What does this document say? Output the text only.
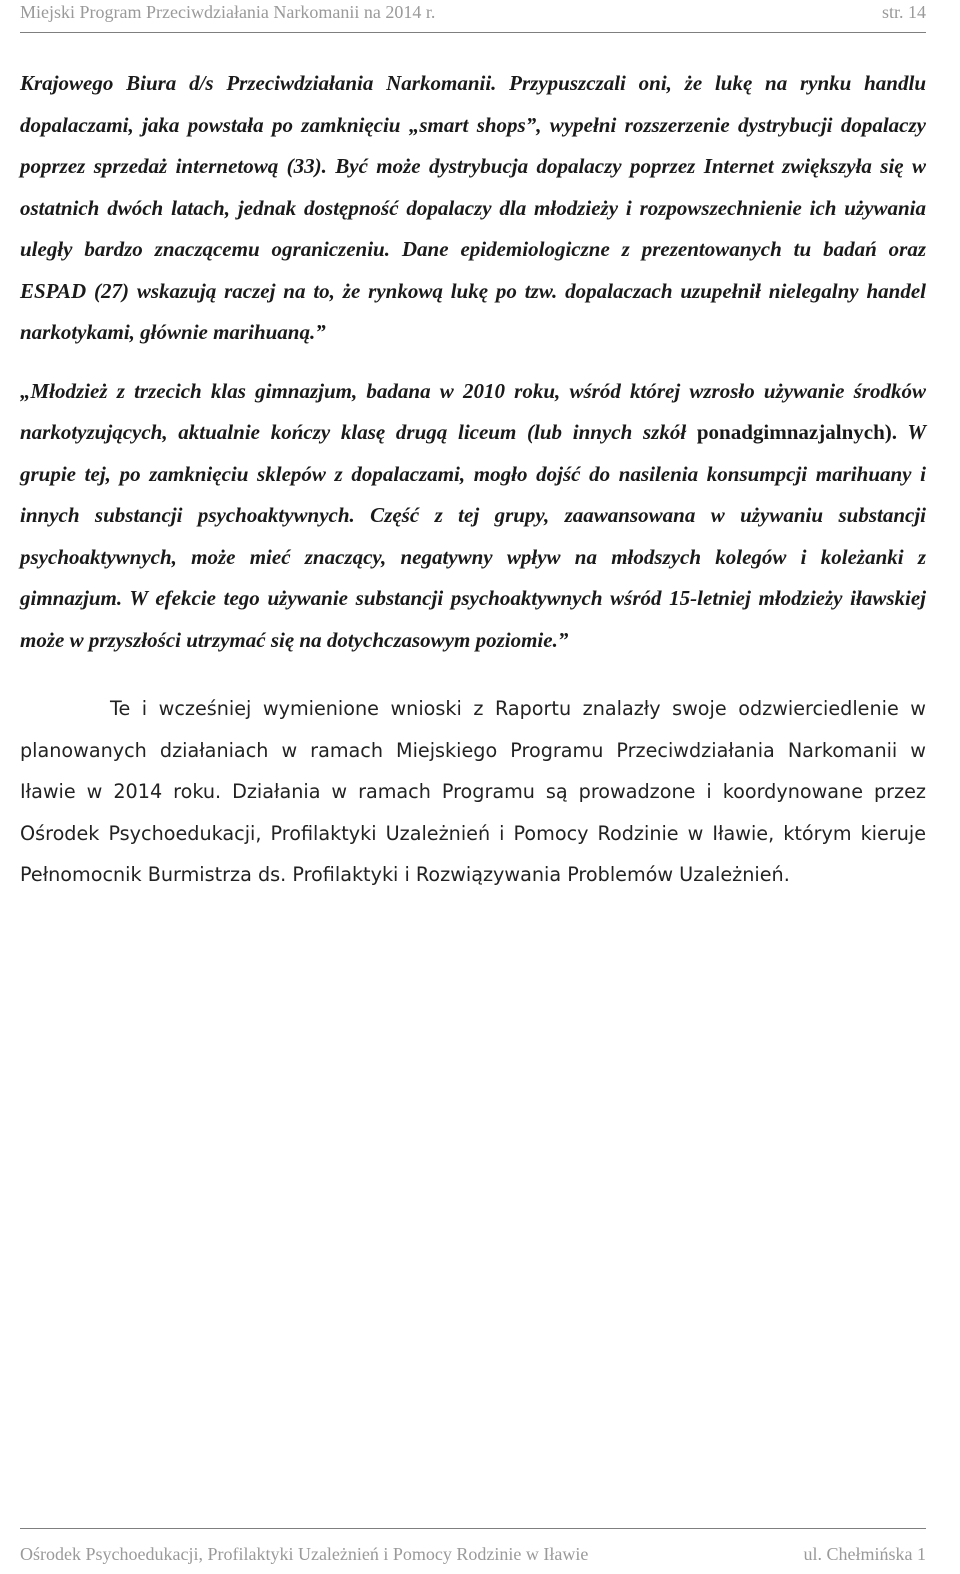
Miejski Program Przeciwdziałania Narkomanii na 2014 r.	str. 14

Krajowego Biura d/s Przeciwdziałania Narkomanii. Przypuszczali oni, że lukę na rynku handlu dopalaczami, jaka powstała po zamknięciu „smart shops”, wypełni rozszerzenie dystrybucji dopalaczy poprzez sprzedaż internetową (33). Być może dystrybucja dopalaczy poprzez Internet zwiększyła się w ostatnich dwóch latach, jednak dostępność dopalaczy dla młodzieży i rozpowszechnienie ich używania uległy bardzo znaczącemu ograniczeniu. Dane epidemiologiczne z prezentowanych tu badań oraz ESPAD (27) wskazują raczej na to, że rynkową lukę po tzw. dopalaczach uzupełnił nielegalny handel narkotykami, głównie marihuaną.”

„Młodzież z trzecich klas gimnazjum, badana w 2010 roku, wśród której wzrosło używanie środków narkotyzujących, aktualnie kończy klasę drugą liceum (lub innych szkół ponadgimnazjalnych). W grupie tej, po zamknięciu sklepów z dopalaczami, mogło dojść do nasilenia konsumpcji marihuany i innych substancji psychoaktywnych. Część z tej grupy, zaawansowana w używaniu substancji psychoaktywnych, może mieć znaczący, negatywny wpływ na młodszych kolegów i koleżanki z gimnazjum. W efekcie tego używanie substancji psychoaktywnych wśród 15-letniej młodzieży iławskiej może w przyszłości utrzymać się na dotychczasowym poziomie.”

Te i wcześniej wymienione wnioski z Raportu znalazły swoje odzwierciedlenie w planowanych działaniach w ramach Miejskiego Programu Przeciwdziałania Narkomanii w Iławie w 2014 roku. Działania w ramach Programu są prowadzone i koordynowane przez Ośrodek Psychoedukacji, Profilaktyki Uzależnień i Pomocy Rodzinie w Iławie, którym kieruje Pełnomocnik Burmistrza ds. Profilaktyki i Rozwiązywania Problemów Uzależnień.

Ośrodek Psychoedukacji, Profilaktyki Uzależnień i Pomocy Rodzinie w Iławie	ul. Chełmińska 1
